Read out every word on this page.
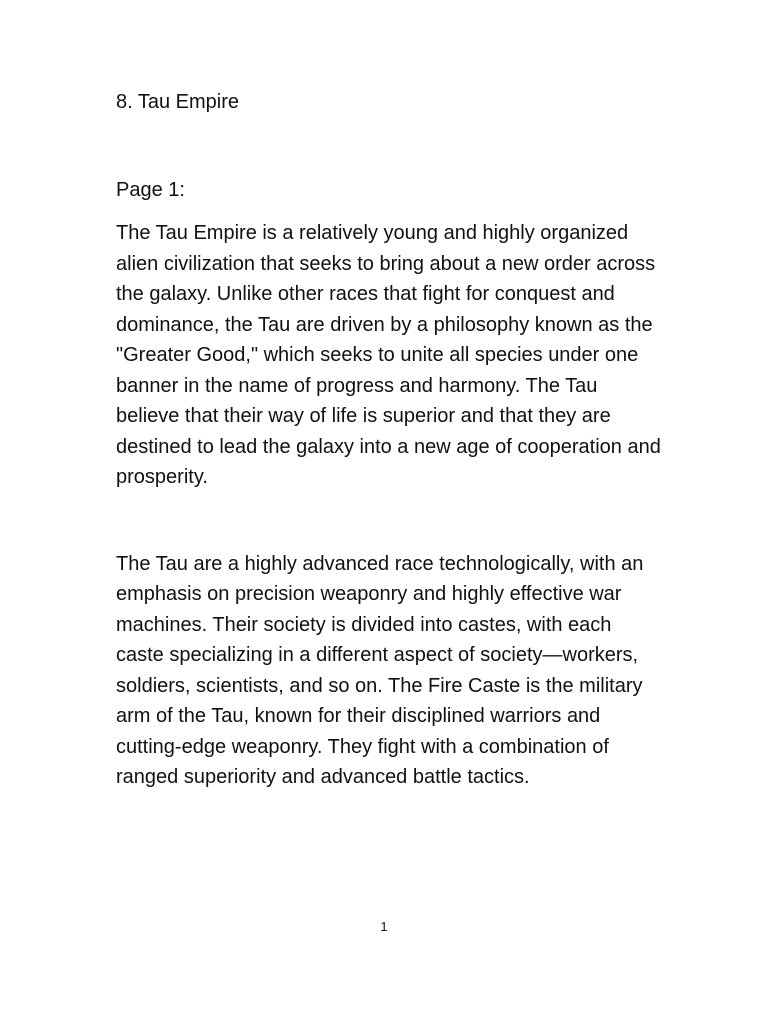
8. Tau Empire

Page 1:

The Tau Empire is a relatively young and highly organized alien civilization that seeks to bring about a new order across the galaxy. Unlike other races that fight for conquest and dominance, the Tau are driven by a philosophy known as the "Greater Good," which seeks to unite all species under one banner in the name of progress and harmony. The Tau believe that their way of life is superior and that they are destined to lead the galaxy into a new age of cooperation and prosperity.

The Tau are a highly advanced race technologically, with an emphasis on precision weaponry and highly effective war machines. Their society is divided into castes, with each caste specializing in a different aspect of society—workers, soldiers, scientists, and so on. The Fire Caste is the military arm of the Tau, known for their disciplined warriors and cutting-edge weaponry. They fight with a combination of ranged superiority and advanced battle tactics.

1
